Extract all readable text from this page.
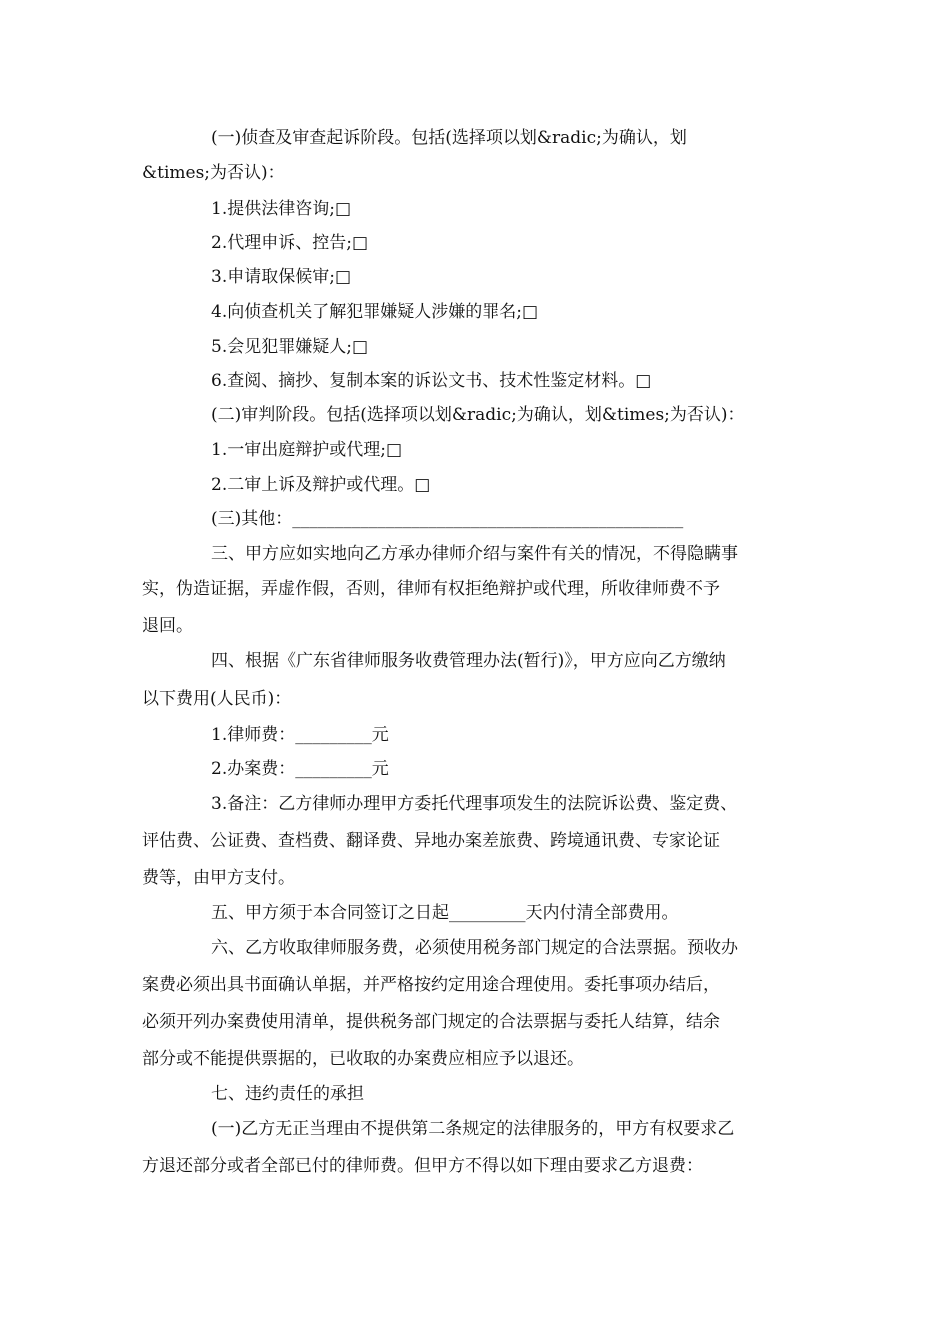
(一)侦查及审查起诉阶段。包括(选择项以划&radic;为确认，划

&times;为否认)：

1.提供法律咨询;□

2.代理申诉、控告;□

3.申请取保候审;□

4.向侦查机关了解犯罪嫌疑人涉嫌的罪名;□

5.会见犯罪嫌疑人;□

6.查阅、摘抄、复制本案的诉讼文书、技术性鉴定材料。□

(二)审判阶段。包括(选择项以划&radic;为确认，划&times;为否认)：

1.一审出庭辩护或代理;□

2.二审上诉及辩护或代理。□

(三)其他：______________________________________________

三、甲方应如实地向乙方承办律师介绍与案件有关的情况，不得隐瞒事

实，伪造证据，弄虚作假，否则，律师有权拒绝辩护或代理，所收律师费不予

退回。

四、根据《广东省律师服务收费管理办法(暂行)》，甲方应向乙方缴纳

以下费用(人民币)：

1.律师费：_________元

2.办案费：_________元

3.备注：乙方律师办理甲方委托代理事项发生的法院诉讼费、鉴定费、

评估费、公证费、查档费、翻译费、异地办案差旅费、跨境通讯费、专家论证

费等，由甲方支付。

五、甲方须于本合同签订之日起_________天内付清全部费用。

六、乙方收取律师服务费，必须使用税务部门规定的合法票据。预收办

案费必须出具书面确认单据，并严格按约定用途合理使用。委托事项办结后，

必须开列办案费使用清单，提供税务部门规定的合法票据与委托人结算，结余

部分或不能提供票据的，已收取的办案费应相应予以退还。

七、违约责任的承担

(一)乙方无正当理由不提供第二条规定的法律服务的，甲方有权要求乙

方退还部分或者全部已付的律师费。但甲方不得以如下理由要求乙方退费：
